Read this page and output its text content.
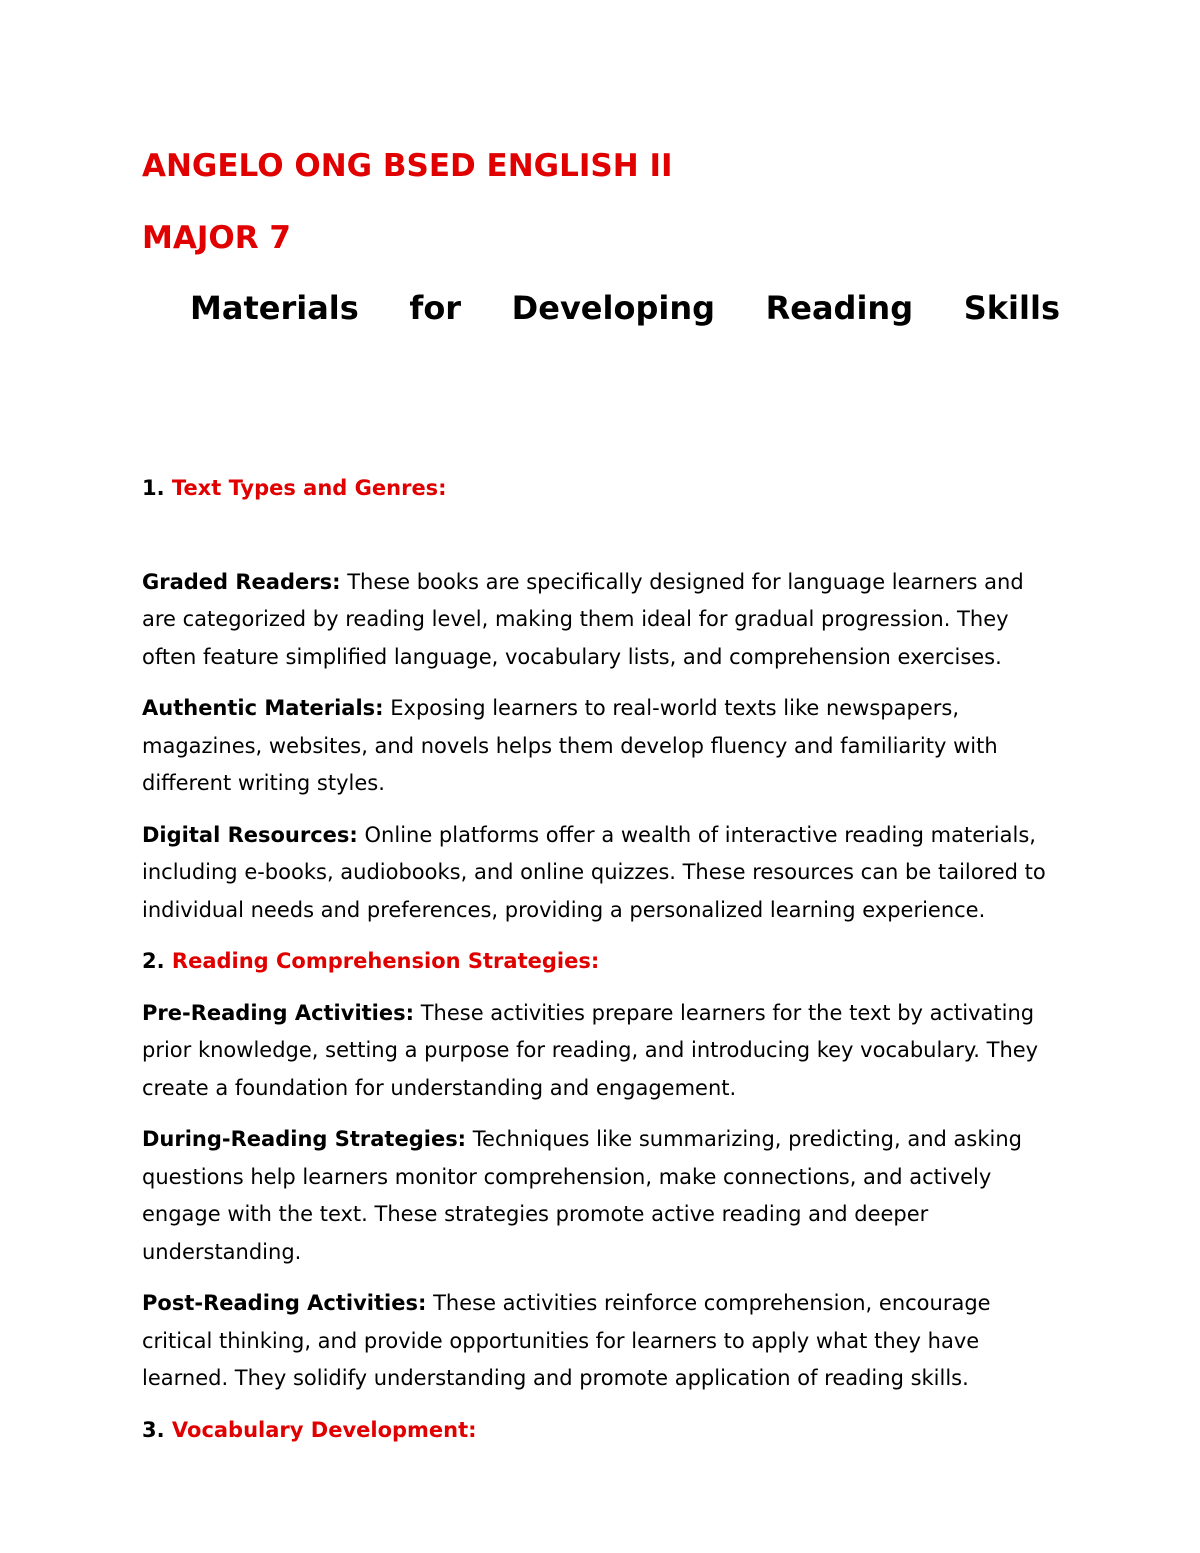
ANGELO ONG BSED ENGLISH II
MAJOR 7
Materials for Developing Reading Skills

1. Text Types and Genres:

Graded Readers: These books are specifically designed for language learners and are categorized by reading level, making them ideal for gradual progression. They often feature simplified language, vocabulary lists, and comprehension exercises.

Authentic Materials: Exposing learners to real-world texts like newspapers, magazines, websites, and novels helps them develop fluency and familiarity with different writing styles.

Digital Resources: Online platforms offer a wealth of interactive reading materials, including e-books, audiobooks, and online quizzes. These resources can be tailored to individual needs and preferences, providing a personalized learning experience.

2. Reading Comprehension Strategies:

Pre-Reading Activities: These activities prepare learners for the text by activating prior knowledge, setting a purpose for reading, and introducing key vocabulary. They create a foundation for understanding and engagement.

During-Reading Strategies: Techniques like summarizing, predicting, and asking questions help learners monitor comprehension, make connections, and actively engage with the text. These strategies promote active reading and deeper understanding.

Post-Reading Activities: These activities reinforce comprehension, encourage critical thinking, and provide opportunities for learners to apply what they have learned. They solidify understanding and promote application of reading skills.

3. Vocabulary Development:
